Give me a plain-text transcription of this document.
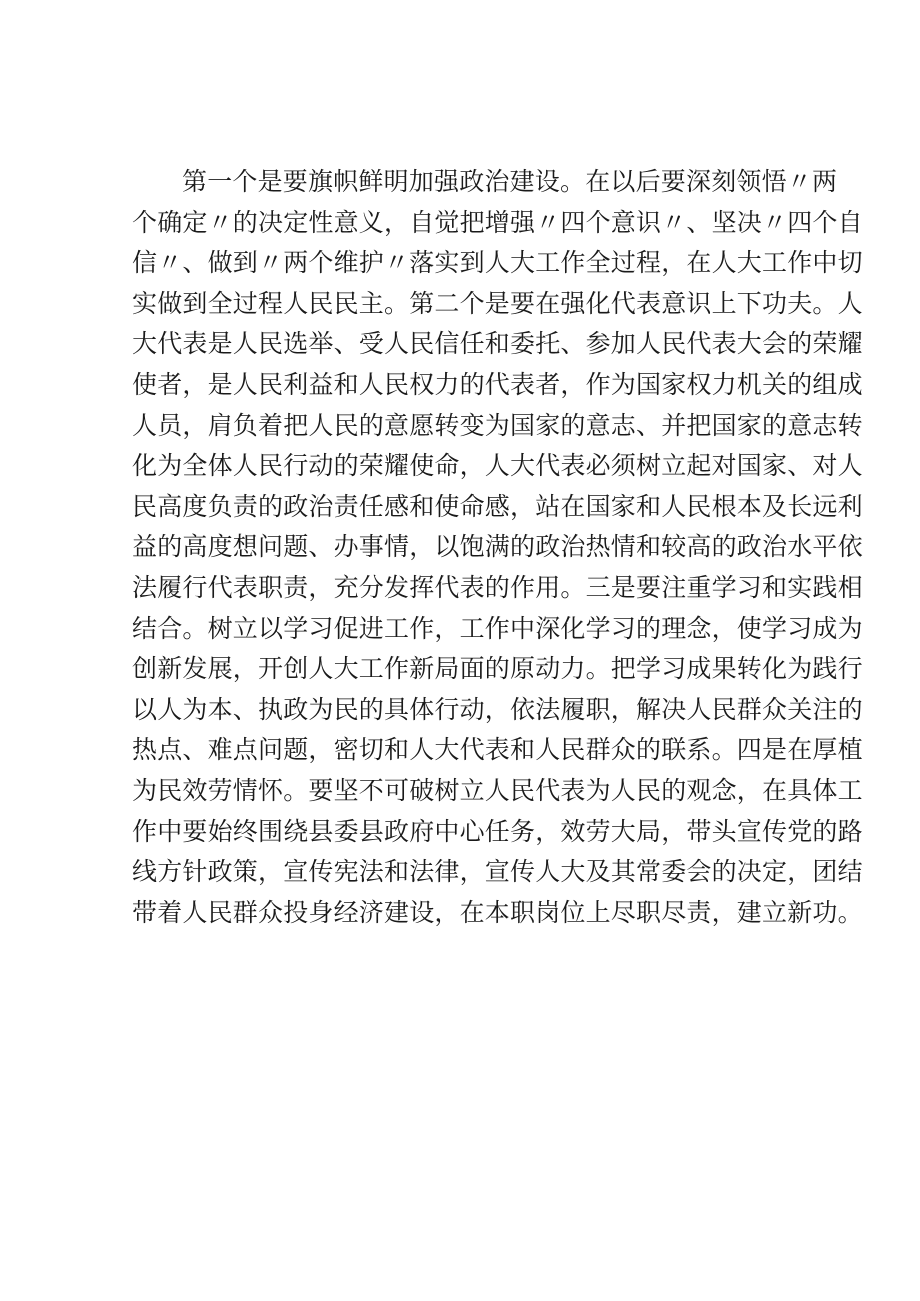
第一个是要旗帜鲜明加强政治建设。在以后要深刻领悟〃两
个确定〃的决定性意义，自觉把增强〃四个意识〃、坚决〃四个自
信〃、做到〃两个维护〃落实到人大工作全过程，在人大工作中切
实做到全过程人民民主。第二个是要在强化代表意识上下功夫。人
大代表是人民选举、受人民信任和委托、参加人民代表大会的荣耀
使者，是人民利益和人民权力的代表者，作为国家权力机关的组成
人员，肩负着把人民的意愿转变为国家的意志、并把国家的意志转
化为全体人民行动的荣耀使命，人大代表必须树立起对国家、对人
民高度负责的政治责任感和使命感，站在国家和人民根本及长远利
益的高度想问题、办事情，以饱满的政治热情和较高的政治水平依
法履行代表职责，充分发挥代表的作用。三是要注重学习和实践相
结合。树立以学习促进工作，工作中深化学习的理念，使学习成为
创新发展，开创人大工作新局面的原动力。把学习成果转化为践行
以人为本、执政为民的具体行动，依法履职，解决人民群众关注的
热点、难点问题，密切和人大代表和人民群众的联系。四是在厚植
为民效劳情怀。要坚不可破树立人民代表为人民的观念，在具体工
作中要始终围绕县委县政府中心任务，效劳大局，带头宣传党的路
线方针政策，宣传宪法和法律，宣传人大及其常委会的决定，团结
带着人民群众投身经济建设，在本职岗位上尽职尽责，建立新功。
